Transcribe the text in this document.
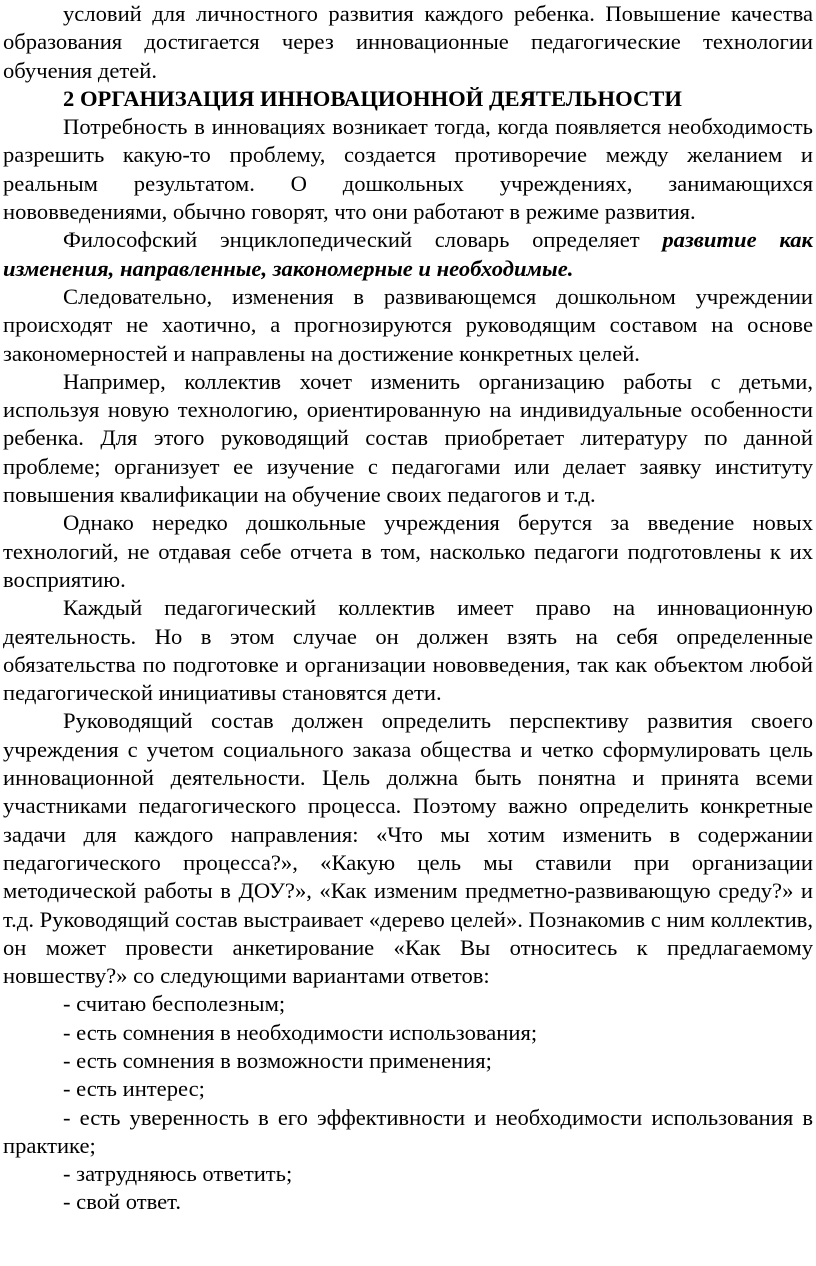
условий для личностного развития каждого ребенка. Повышение качества образования достигается через инновационные педагогические технологии обучения детей.

2 ОРГАНИЗАЦИЯ ИННОВАЦИОННОЙ ДЕЯТЕЛЬНОСТИ

Потребность в инновациях возникает тогда, когда появляется необходимость разрешить какую-то проблему, создается противоречие между желанием и реальным результатом. О дошкольных учреждениях, занимающихся нововведениями, обычно говорят, что они работают в режиме развития.

Философский энциклопедический словарь определяет развитие как изменения, направленные, закономерные и необходимые.

Следовательно, изменения в развивающемся дошкольном учреждении происходят не хаотично, а прогнозируются руководящим составом на основе закономерностей и направлены на достижение конкретных целей.

Например, коллектив хочет изменить организацию работы с детьми, используя новую технологию, ориентированную на индивидуальные особенности ребенка. Для этого руководящий состав приобретает литературу по данной проблеме; организует ее изучение с педагогами или делает заявку институту повышения квалификации на обучение своих педагогов и т.д.

Однако нередко дошкольные учреждения берутся за введение новых технологий, не отдавая себе отчета в том, насколько педагоги подготовлены к их восприятию.

Каждый педагогический коллектив имеет право на инновационную деятельность. Но в этом случае он должен взять на себя определенные обязательства по подготовке и организации нововведения, так как объектом любой педагогической инициативы становятся дети.

Руководящий состав должен определить перспективу развития своего учреждения с учетом социального заказа общества и четко сформулировать цель инновационной деятельности. Цель должна быть понятна и принята всеми участниками педагогического процесса. Поэтому важно определить конкретные задачи для каждого направления: «Что мы хотим изменить в содержании педагогического процесса?», «Какую цель мы ставили при организации методической работы в ДОУ?», «Как изменим предметно-развивающую среду?» и т.д. Руководящий состав выстраивает «дерево целей». Познакомив с ним коллектив, он может провести анкетирование «Как Вы относитесь к предлагаемому новшеству?» со следующими вариантами ответов:

- считаю бесполезным;

- есть сомнения в необходимости использования;

- есть сомнения в возможности применения;

- есть интерес;

- есть уверенность в его эффективности и необходимости использования в практике;

- затрудняюсь ответить;

- свой ответ.
